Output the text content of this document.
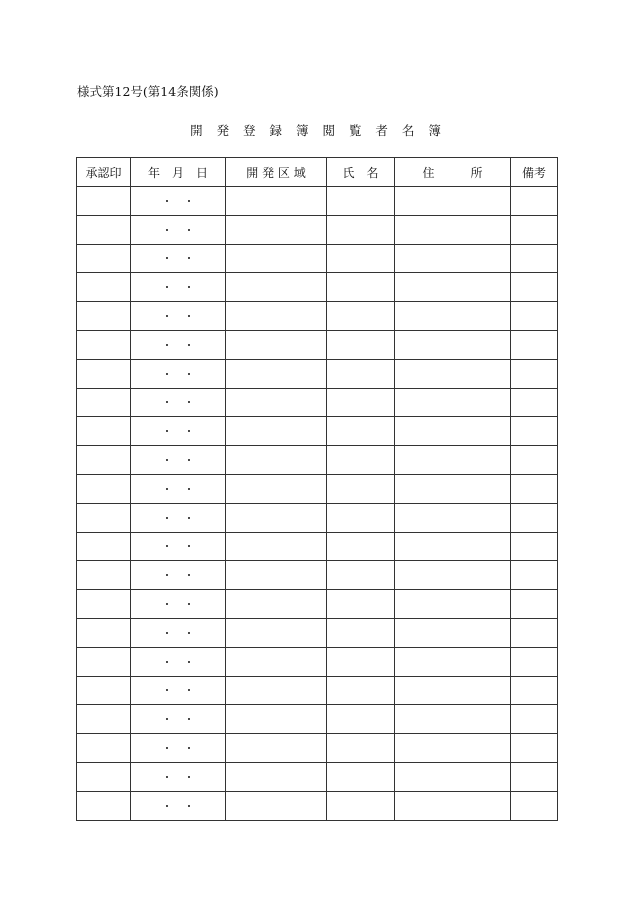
様式第12号(第14条関係)
開 発 登 録 簿 閲 覧 者 名 簿
承認印	年　月　日	開 発 区 域	氏　名	住　　　所	備考
	・　・				
	・　・				
	・　・				
	・　・				
	・　・				
	・　・				
	・　・				
	・　・				
	・　・				
	・　・				
	・　・				
	・　・				
	・　・				
	・　・				
	・　・				
	・　・				
	・　・				
	・　・				
	・　・				
	・　・				
	・　・				
	・　・				
